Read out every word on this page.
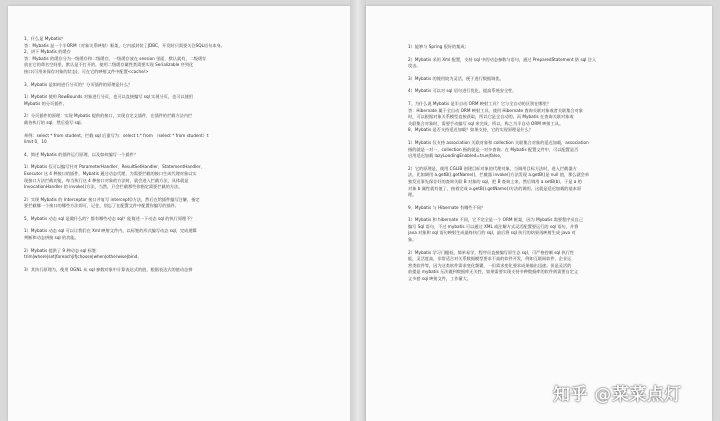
1、什么是 Mybatis？
答：Mybatis 是一个半ORM（对象关系映射）框架，它内部封装了JDBC，开发时只需要关注SQL语句本身。
2、讲下 Mybatis 的缓存
答：Mybatis 的缓存分为一级缓存和二级缓存，一级缓存放在 session 里面，默认就有，二级缓存
放在它的命名空间里，默认是不打开的，使用二级缓存属性类需要实现 Serializable 序列化
接口(可用来保存对象的状态)，可在它的映射文件中配置<cache/>
3、Mybatis 是如何进行分页的？分页插件的原理是什么？
1）Mybatis 使用 RowBounds 对象进行分页，也可以直接编写 sql 实现分页，也可以使用
Mybatis 的分页插件。
2）分页插件的原理：实现 Mybatis 提供的接口，实现自定义插件，在插件的拦截方法内拦
截待执行的 sql，然后重写 sql。
举例：select * from student，拦截 sql 后重写为：select t.* from （select * from student）t
limit 0，10
4、简述 Mybatis 的插件运行原理，以及如何编写一个插件？
1）Mybatis 仅可以编写针对 ParameterHandler、ResultSetHandler、StatementHandler、
Executor 这 4 种接口的插件，Mybatis 通过动态代理，为需要拦截的接口生成代理对象以实
现接口方法拦截功能，每当执行这 4 种接口对象的方法时，就会进入拦截方法，具体就是
InvocationHandler 的 invoke()方法，当然，只会拦截那些你指定需要拦截的方法。
2）实现 Mybatis 的 Interceptor 接口并复写 intercept()方法，然后在给插件编写注解，指定
要拦截哪一个接口的哪些方法即可，记住，别忘了在配置文件中配置你编写的插件。
5、Mybatis 动态 sql 是做什么的？都有哪些动态 sql？能简述一下动态 sql 的执行原理不？
1）Mybatis 动态 sql 可以让我们在 Xml 映射文件内，以标签的形式编写动态 sql，完成逻辑
判断和动态拼接 sql 的功能。
2）Mybatis 提供了 9 种动态 sql 标签：
trim|where|set|foreach|if|choose|when|otherwise|bind。
3）其执行原理为，使用 OGNL 从 sql 参数对象中计算表达式的值，根据表达式的值动态拼
1）能够与 Spring 很好的集成；
2）Mybatis 采用 Xml 配置，支持 sql 中的动态参数与语句，通过 PreparedStatement 防 sql 注入
攻击。
3）Mybatis 的使用较为灵活，便于进行数据调优。
4）Mybatis 可以对 sql 语句进行优化，提高系统安全性。
7、为什么说 Mybatis 是半自动 ORM 映射工具？它与全自动的区别在哪里？
答：Hibernate 属于全自动 ORM 映射工具，使用 Hibernate 查询关联对象或者关联集合对象
时，可以根据对象关系模型直接获取，所以它是全自动的。而 Mybatis 在查询关联对象或
关联集合对象时，需要手动编写 sql 来完成，所以，称之为半自动 ORM 映射工具。
8、Mybatis 是否支持延迟加载？如果支持，它的实现原理是什么？
1）Mybatis 仅支持 association 关联对象和 collection 关联集合对象的延迟加载，association
指的就是一对一，collection 指的就是一对多查询。在 Mybatis 配置文件中，可以配置是否
启用延迟加载 lazyLoadingEnabled=true|false。
2）它的原理是，使用 CGLIB 创建目标对象的代理对象，当调用目标方法时，进入拦截器方
法，比如调用 a.getB().getName()，拦截器 invoke()方法发现 a.getB()是 null 值，那么就会单
独发送事先保存好的查询关联 B 对象的 sql，把 B 查询上来，然后调用 a.setB(b)，于是 a 的
对象 b 属性就有值了，接着完成 a.getB().getName()方法的调用。这就是延迟加载的基本原
理。
9、Mybatis 与 Hibernate 有哪些不同？
1）Mybatis 和 hibernate 不同，它不完全是一个 ORM 框架，因为 Mybatis 需要程序员自己
编写 Sql 语句，不过 mybatis 可以通过 XML 或注解方式灵活配置要运行的 sql 语句，并将
java 对象和 sql 语句映射生成最终执行的 sql，最后将 sql 执行的结果再映射生成 java 对
象。
2）Mybatis 学习门槛低，简单易学，程序员直接编写原生态 sql，可严格控制 sql 执行性
能，灵活度高，非常适合对关系数据模型要求不高的软件开发，例如互联网软件、企业运
营类软件等，因为这类软件需求变化频繁，一但需求变化要求成果输出迅速。但是灵活的
前提是 mybatis 无法做到数据库无关性，如果需要实现支持多种数据库的软件则需要自定义
义多套 sql 映射文件，工作量大。
知乎 @菜菜点灯
